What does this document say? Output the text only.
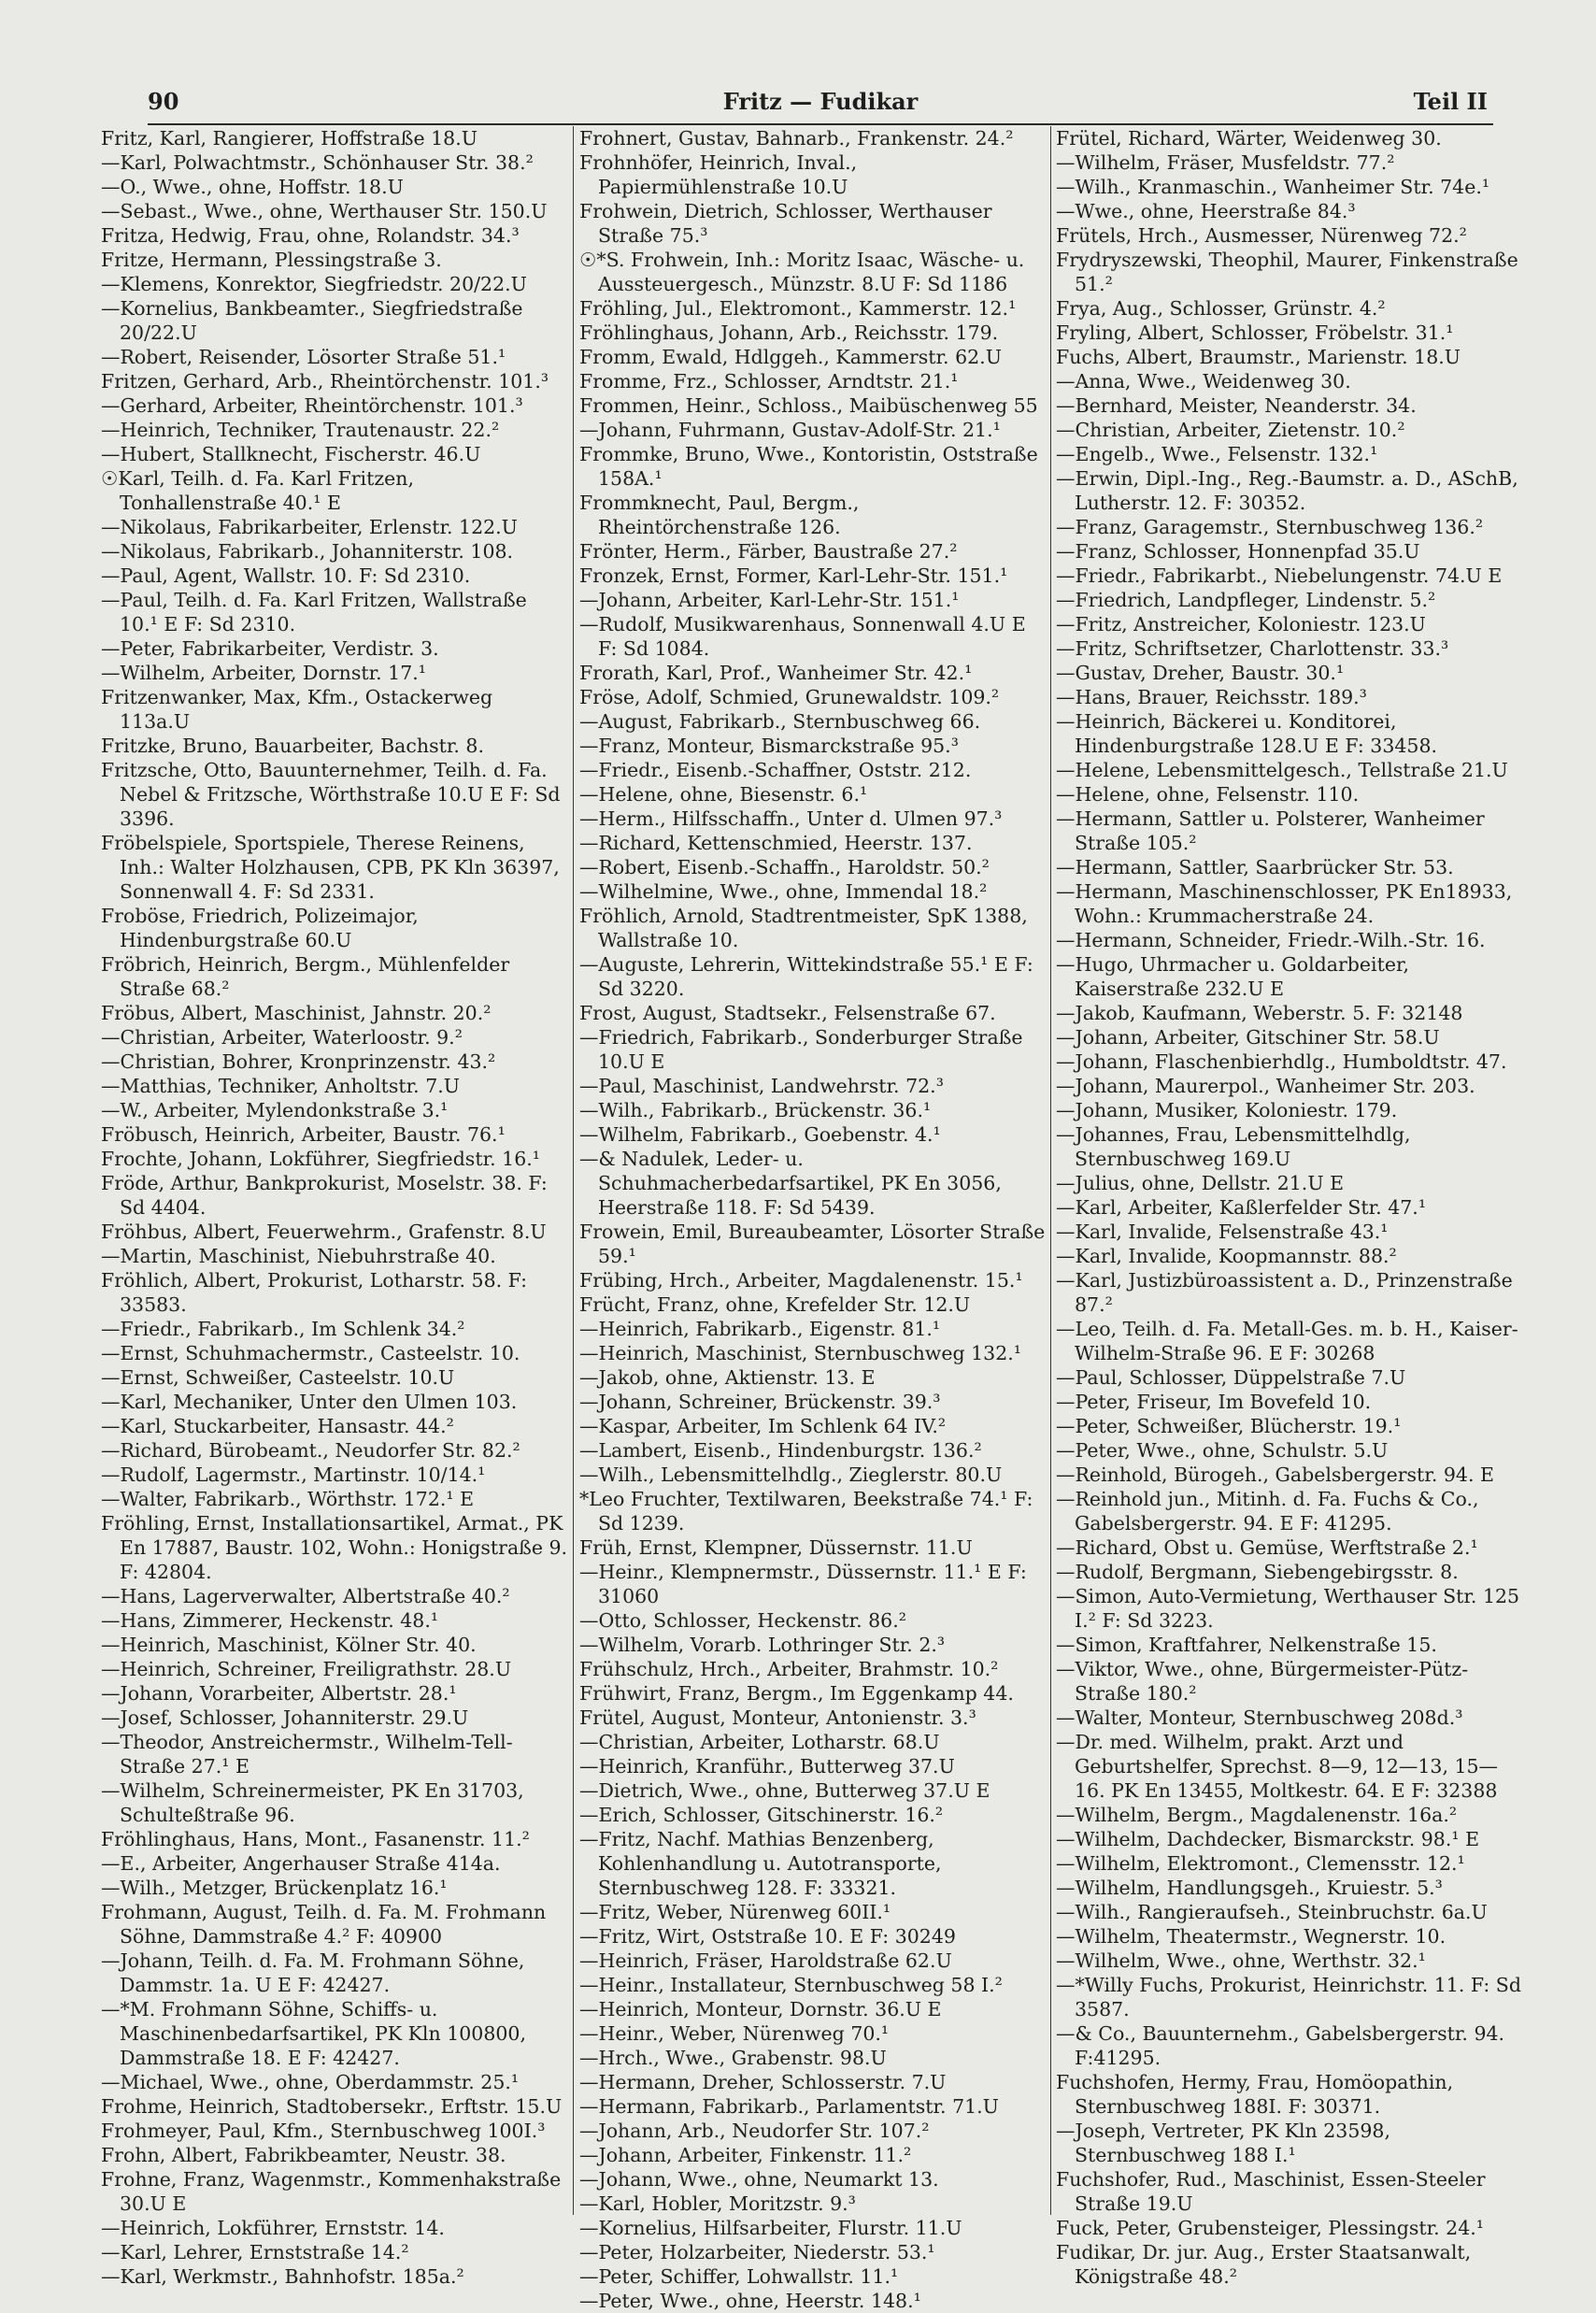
90	Fritz — Fudikar	Teil II
Fritz, Karl, Rangierer, Hoffstraße 18.U
—Karl, Polwachtmstr., Schönhauser Str. 38.²
—O., Wwe., ohne, Hoffstr. 18.U
—Sebast., Wwe., ohne, Werthauser Str. 150.U
Fritza, Hedwig, Frau, ohne, Rolandstr. 34.³
Fritze, Hermann, Plessingstraße 3.
—Klemens, Konrektor, Siegfriedstr. 20/22.U
—Kornelius, Bankbeamter., Siegfriedstraße 20/22.U
—Robert, Reisender, Lösorter Straße 51.¹
Fritzen, Gerhard, Arb., Rheintörchenstr. 101.³
—Gerhard, Arbeiter, Rheintörchenstr. 101.³
—Heinrich, Techniker, Trautenaustr. 22.²
—Hubert, Stallknecht, Fischerstr. 46.U
☉Karl, Teilh. d. Fa. Karl Fritzen, Tonhallenstraße 40.¹ E
—Nikolaus, Fabrikarbeiter, Erlenstr. 122.U
—Nikolaus, Fabrikarb., Johanniterstr. 108.
—Paul, Agent, Wallstr. 10. F: Sd 2310.
—Paul, Teilh. d. Fa. Karl Fritzen, Wallstraße 10.¹ E F: Sd 2310.
—Peter, Fabrikarbeiter, Verdistr. 3.
—Wilhelm, Arbeiter, Dornstr. 17.¹
Fritzenwanker, Max, Kfm., Ostackerweg 113a.U
Fritzke, Bruno, Bauarbeiter, Bachstr. 8.
Fritzsche, Otto, Bauunternehmer, Teilh. d. Fa. Nebel & Fritzsche, Wörthstraße 10.U E F: Sd 3396.
Fröbelspiele, Sportspiele, Therese Reinens, Inh.: Walter Holzhausen, CPB, PK Kln 36397, Sonnenwall 4. F: Sd 2331.
Froböse, Friedrich, Polizeimajor, Hindenburgstraße 60.U
Fröbrich, Heinrich, Bergm., Mühlenfelder Straße 68.²
Fröbus, Albert, Maschinist, Jahnstr. 20.²
—Christian, Arbeiter, Waterloostr. 9.²
—Christian, Bohrer, Kronprinzenstr. 43.²
—Matthias, Techniker, Anholtstr. 7.U
—W., Arbeiter, Mylendonkstraße 3.¹
Fröbusch, Heinrich, Arbeiter, Baustr. 76.¹
Frochte, Johann, Lokführer, Siegfriedstr. 16.¹
Fröde, Arthur, Bankprokurist, Moselstr. 38. F: Sd 4404.
Fröhbus, Albert, Feuerwehrm., Grafenstr. 8.U
—Martin, Maschinist, Niebuhrstraße 40.
Fröhlich, Albert, Prokurist, Lotharstr. 58. F: 33583.
—Friedr., Fabrikarb., Im Schlenk 34.²
—Ernst, Schuhmachermstr., Casteelstr. 10.
—Ernst, Schweißer, Casteelstr. 10.U
—Karl, Mechaniker, Unter den Ulmen 103.
—Karl, Stuckarbeiter, Hansastr. 44.²
—Richard, Bürobeamt., Neudorfer Str. 82.²
—Rudolf, Lagermstr., Martinstr. 10/14.¹
—Walter, Fabrikarb., Wörthstr. 172.¹ E
Fröhling, Ernst, Installationsartikel, Armat., PK En 17887, Baustr. 102, Wohn.: Honigstraße 9. F: 42804.
—Hans, Lagerverwalter, Albertstraße 40.²
—Hans, Zimmerer, Heckenstr. 48.¹
—Heinrich, Maschinist, Kölner Str. 40.
—Heinrich, Schreiner, Freiligrathstr. 28.U
—Johann, Vorarbeiter, Albertstr. 28.¹
—Josef, Schlosser, Johanniterstr. 29.U
—Theodor, Anstreichermstr., Wilhelm-Tell-Straße 27.¹ E
—Wilhelm, Schreinermeister, PK En 31703, Schulteßtraße 96.
Fröhlinghaus, Hans, Mont., Fasanenstr. 11.²
—E., Arbeiter, Angerhauser Straße 414a.
—Wilh., Metzger, Brückenplatz 16.¹
Frohmann, August, Teilh. d. Fa. M. Frohmann Söhne, Dammstraße 4.² F: 40900
—Johann, Teilh. d. Fa. M. Frohmann Söhne, Dammstr. 1a. U E F: 42427.
—*M. Frohmann Söhne, Schiffs- u. Maschinenbedarfsartikel, PK Kln 100800, Dammstraße 18. E F: 42427.
—Michael, Wwe., ohne, Oberdammstr. 25.¹
Frohme, Heinrich, Stadtobersekr., Erftstr. 15.U
Frohmeyer, Paul, Kfm., Sternbuschweg 100I.³
Frohn, Albert, Fabrikbeamter, Neustr. 38.
Frohne, Franz, Wagenmstr., Kommenhakstraße 30.U E
—Heinrich, Lokführer, Ernststr. 14.
—Karl, Lehrer, Ernststraße 14.²
—Karl, Werkmstr., Bahnhofstr. 185a.²
Frohnert, Gustav, Bahnarb., Frankenstr. 24.²
Frohnhöfer, Heinrich, Inval., Papiermühlenstraße 10.U
Frohwein, Dietrich, Schlosser, Werthauser Straße 75.³
☉*S. Frohwein, Inh.: Moritz Isaac, Wäsche- u. Aussteuergesch., Münzstr. 8.U F: Sd 1186
Fröhling, Jul., Elektromont., Kammerstr. 12.¹
Fröhlinghaus, Johann, Arb., Reichsstr. 179.
Fromm, Ewald, Hdlggeh., Kammerstr. 62.U
Fromme, Frz., Schlosser, Arndtstr. 21.¹
Frommen, Heinr., Schloss., Maibüschenweg 55
—Johann, Fuhrmann, Gustav-Adolf-Str. 21.¹
Frommke, Bruno, Wwe., Kontoristin, Oststraße 158A.¹
Frommknecht, Paul, Bergm., Rheintörchenstraße 126.
Frönter, Herm., Färber, Baustraße 27.²
Fronzek, Ernst, Former, Karl-Lehr-Str. 151.¹
—Johann, Arbeiter, Karl-Lehr-Str. 151.¹
—Rudolf, Musikwarenhaus, Sonnenwall 4.U E F: Sd 1084.
Frorath, Karl, Prof., Wanheimer Str. 42.¹
Fröse, Adolf, Schmied, Grunewaldstr. 109.²
—August, Fabrikarb., Sternbuschweg 66.
—Franz, Monteur, Bismarckstraße 95.³
—Friedr., Eisenb.-Schaffner, Oststr. 212.
—Helene, ohne, Biesenstr. 6.¹
—Herm., Hilfsschaffn., Unter d. Ulmen 97.³
—Richard, Kettenschmied, Heerstr. 137.
—Robert, Eisenb.-Schaffn., Haroldstr. 50.²
—Wilhelmine, Wwe., ohne, Immendal 18.²
Fröhlich, Arnold, Stadtrentmeister, SpK 1388, Wallstraße 10.
—Auguste, Lehrerin, Wittekindstraße 55.¹ E F: Sd 3220.
Frost, August, Stadtsekr., Felsenstraße 67.
—Friedrich, Fabrikarb., Sonderburger Straße 10.U E
—Paul, Maschinist, Landwehrstr. 72.³
—Wilh., Fabrikarb., Brückenstr. 36.¹
—Wilhelm, Fabrikarb., Goebenstr. 4.¹
—& Nadulek, Leder- u. Schuhmacherbedarfsartikel, PK En 3056, Heerstraße 118. F: Sd 5439.
Frowein, Emil, Bureaubeamter, Lösorter Straße 59.¹
Frübing, Hrch., Arbeiter, Magdalenenstr. 15.¹
Frücht, Franz, ohne, Krefelder Str. 12.U
—Heinrich, Fabrikarb., Eigenstr. 81.¹
—Heinrich, Maschinist, Sternbuschweg 132.¹
—Jakob, ohne, Aktienstr. 13. E
—Johann, Schreiner, Brückenstr. 39.³
—Kaspar, Arbeiter, Im Schlenk 64 IV.²
—Lambert, Eisenb., Hindenburgstr. 136.²
—Wilh., Lebensmittelhdlg., Zieglerstr. 80.U
*Leo Fruchter, Textilwaren, Beekstraße 74.¹ F: Sd 1239.
Früh, Ernst, Klempner, Düssernstr. 11.U
—Heinr., Klempnermstr., Düssernstr. 11.¹ E F: 31060
—Otto, Schlosser, Heckenstr. 86.²
—Wilhelm, Vorarb. Lothringer Str. 2.³
Frühschulz, Hrch., Arbeiter, Brahmstr. 10.²
Frühwirt, Franz, Bergm., Im Eggenkamp 44.
Frütel, August, Monteur, Antonienstr. 3.³
—Christian, Arbeiter, Lotharstr. 68.U
—Heinrich, Kranführ., Butterweg 37.U
—Dietrich, Wwe., ohne, Butterweg 37.U E
—Erich, Schlosser, Gitschinerstr. 16.²
—Fritz, Nachf. Mathias Benzenberg, Kohlenhandlung u. Autotransporte, Sternbuschweg 128. F: 33321.
—Fritz, Weber, Nürenweg 60II.¹
—Fritz, Wirt, Oststraße 10. E F: 30249
—Heinrich, Fräser, Haroldstraße 62.U
—Heinr., Installateur, Sternbuschweg 58 I.²
—Heinrich, Monteur, Dornstr. 36.U E
—Heinr., Weber, Nürenweg 70.¹
—Hrch., Wwe., Grabenstr. 98.U
—Hermann, Dreher, Schlosserstr. 7.U
—Hermann, Fabrikarb., Parlamentstr. 71.U
—Johann, Arb., Neudorfer Str. 107.²
—Johann, Arbeiter, Finkenstr. 11.²
—Johann, Wwe., ohne, Neumarkt 13.
—Karl, Hobler, Moritzstr. 9.³
—Kornelius, Hilfsarbeiter, Flurstr. 11.U
—Peter, Holzarbeiter, Niederstr. 53.¹
—Peter, Schiffer, Lohwallstr. 11.¹
—Peter, Wwe., ohne, Heerstr. 148.¹
Frütel, Richard, Wärter, Weidenweg 30.
—Wilhelm, Fräser, Musfeldstr. 77.²
—Wilh., Kranmaschin., Wanheimer Str. 74e.¹
—Wwe., ohne, Heerstraße 84.³
Frütels, Hrch., Ausmesser, Nürenweg 72.²
Frydryszewski, Theophil, Maurer, Finkenstraße 51.²
Frya, Aug., Schlosser, Grünstr. 4.²
Fryling, Albert, Schlosser, Fröbelstr. 31.¹
Fuchs, Albert, Braumstr., Marienstr. 18.U
—Anna, Wwe., Weidenweg 30.
—Bernhard, Meister, Neanderstr. 34.
—Christian, Arbeiter, Zietenstr. 10.²
—Engelb., Wwe., Felsenstr. 132.¹
—Erwin, Dipl.-Ing., Reg.-Baumstr. a. D., ASchB, Lutherstr. 12. F: 30352.
—Franz, Garagemstr., Sternbuschweg 136.²
—Franz, Schlosser, Honnenpfad 35.U
—Friedr., Fabrikarbt., Niebelungenstr. 74.U E
—Friedrich, Landpfleger, Lindenstr. 5.²
—Fritz, Anstreicher, Koloniestr. 123.U
—Fritz, Schriftsetzer, Charlottenstr. 33.³
—Gustav, Dreher, Baustr. 30.¹
—Hans, Brauer, Reichsstr. 189.³
—Heinrich, Bäckerei u. Konditorei, Hindenburgstraße 128.U E F: 33458.
—Helene, Lebensmittelgesch., Tellstraße 21.U
—Helene, ohne, Felsenstr. 110.
—Hermann, Sattler u. Polsterer, Wanheimer Straße 105.²
—Hermann, Sattler, Saarbrücker Str. 53.
—Hermann, Maschinenschlosser, PK En18933, Wohn.: Krummacherstraße 24.
—Hermann, Schneider, Friedr.-Wilh.-Str. 16.
—Hugo, Uhrmacher u. Goldarbeiter, Kaiserstraße 232.U E
—Jakob, Kaufmann, Weberstr. 5. F: 32148
—Johann, Arbeiter, Gitschiner Str. 58.U
—Johann, Flaschenbierhdlg., Humboldtstr. 47.
—Johann, Maurerpol., Wanheimer Str. 203.
—Johann, Musiker, Koloniestr. 179.
—Johannes, Frau, Lebensmittelhdlg, Sternbuschweg 169.U
—Julius, ohne, Dellstr. 21.U E
—Karl, Arbeiter, Kaßlerfelder Str. 47.¹
—Karl, Invalide, Felsenstraße 43.¹
—Karl, Invalide, Koopmannstr. 88.²
—Karl, Justizbüroassistent a. D., Prinzenstraße 87.²
—Leo, Teilh. d. Fa. Metall-Ges. m. b. H., Kaiser-Wilhelm-Straße 96. E F: 30268
—Paul, Schlosser, Düppelstraße 7.U
—Peter, Friseur, Im Bovefeld 10.
—Peter, Schweißer, Blücherstr. 19.¹
—Peter, Wwe., ohne, Schulstr. 5.U
—Reinhold, Bürogeh., Gabelsbergerstr. 94. E
—Reinhold jun., Mitinh. d. Fa. Fuchs & Co., Gabelsbergerstr. 94. E F: 41295.
—Richard, Obst u. Gemüse, Werftstraße 2.¹
—Rudolf, Bergmann, Siebengebirgsstr. 8.
—Simon, Auto-Vermietung, Werthauser Str. 125 I.² F: Sd 3223.
—Simon, Kraftfahrer, Nelkenstraße 15.
—Viktor, Wwe., ohne, Bürgermeister-Pütz-Straße 180.²
—Walter, Monteur, Sternbuschweg 208d.³
—Dr. med. Wilhelm, prakt. Arzt und Geburtshelfer, Sprechst. 8—9, 12—13, 15—16. PK En 13455, Moltkestr. 64. E F: 32388
—Wilhelm, Bergm., Magdalenenstr. 16a.²
—Wilhelm, Dachdecker, Bismarckstr. 98.¹ E
—Wilhelm, Elektromont., Clemensstr. 12.¹
—Wilhelm, Handlungsgeh., Kruiestr. 5.³
—Wilh., Rangieraufseh., Steinbruchstr. 6a.U
—Wilhelm, Theatermstr., Wegnerstr. 10.
—Wilhelm, Wwe., ohne, Werthstr. 32.¹
—*Willy Fuchs, Prokurist, Heinrichstr. 11. F: Sd 3587.
—& Co., Bauunternehm., Gabelsbergerstr. 94. F:41295.
Fuchshofen, Hermy, Frau, Homöopathin, Sternbuschweg 188I. F: 30371.
—Joseph, Vertreter, PK Kln 23598, Sternbuschweg 188 I.¹
Fuchshofer, Rud., Maschinist, Essen-Steeler Straße 19.U
Fuck, Peter, Grubensteiger, Plessingstr. 24.¹
Fudikar, Dr. jur. Aug., Erster Staatsanwalt, Königstraße 48.²
